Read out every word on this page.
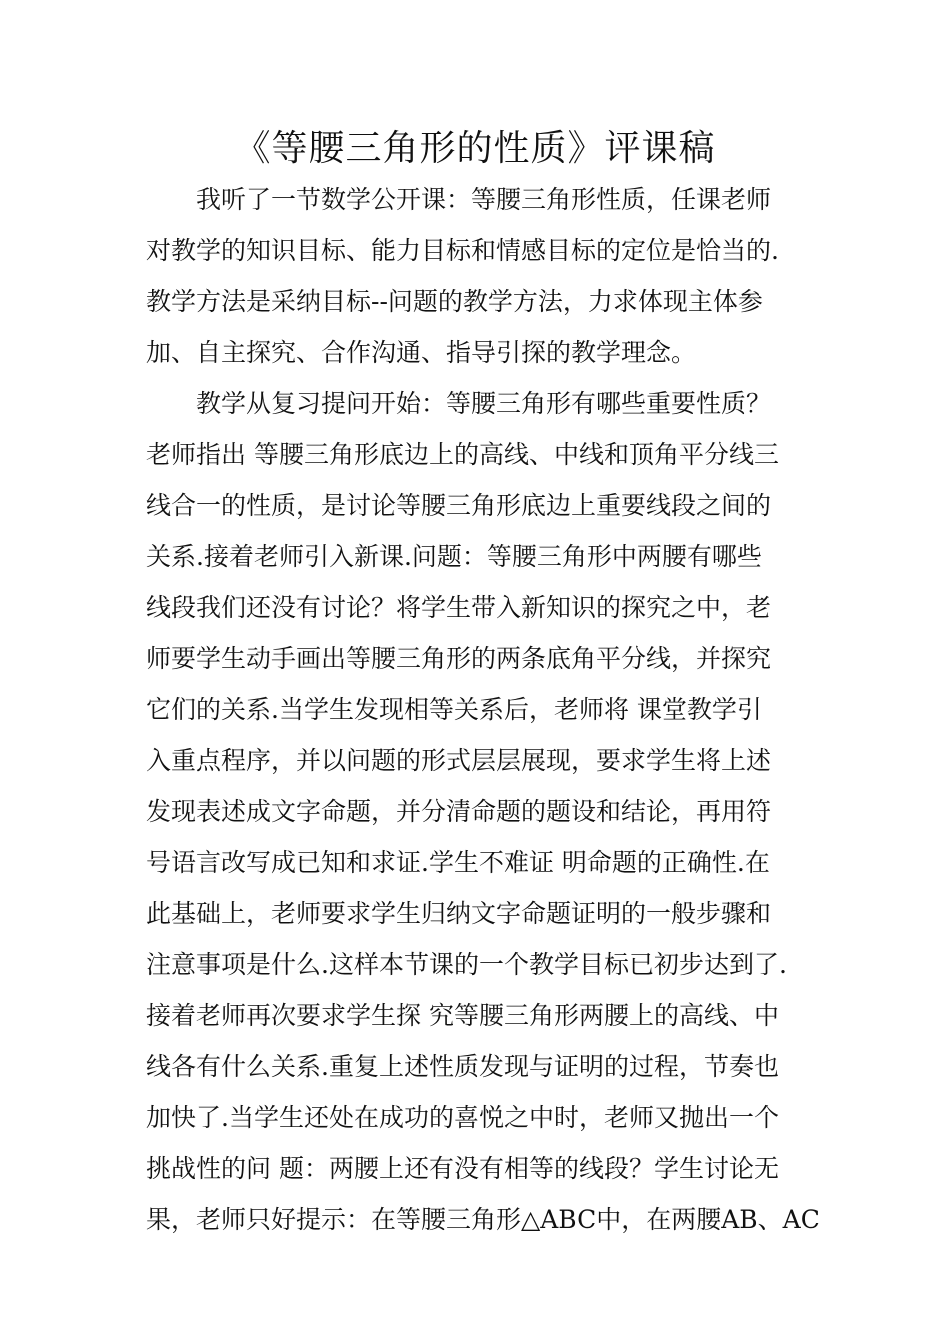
《等腰三角形的性质》评课稿
　　我听了一节数学公开课：等腰三角形性质，任课老师
对教学的知识目标、能力目标和情感目标的定位是恰当的.
教学方法是采纳目标--问题的教学方法，力求体现主体参
加、自主探究、合作沟通、指导引探的教学理念。
　　教学从复习提问开始：等腰三角形有哪些重要性质？
老师指出 等腰三角形底边上的高线、中线和顶角平分线三
线合一的性质，是讨论等腰三角形底边上重要线段之间的
关系.接着老师引入新课.问题：等腰三角形中两腰有哪些
线段我们还没有讨论？将学生带入新知识的探究之中，老
师要学生动手画出等腰三角形的两条底角平分线，并探究
它们的关系.当学生发现相等关系后，老师将 课堂教学引
入重点程序，并以问题的形式层层展现，要求学生将上述
发现表述成文字命题，并分清命题的题设和结论，再用符
号语言改写成已知和求证.学生不难证 明命题的正确性.在
此基础上，老师要求学生归纳文字命题证明的一般步骤和
注意事项是什么.这样本节课的一个教学目标已初步达到了.
接着老师再次要求学生探 究等腰三角形两腰上的高线、中
线各有什么关系.重复上述性质发现与证明的过程，节奏也
加快了.当学生还处在成功的喜悦之中时，老师又抛出一个
挑战性的问 题：两腰上还有没有相等的线段？学生讨论无
果，老师只好提示：在等腰三角形△ABC中，在两腰AB、AC
